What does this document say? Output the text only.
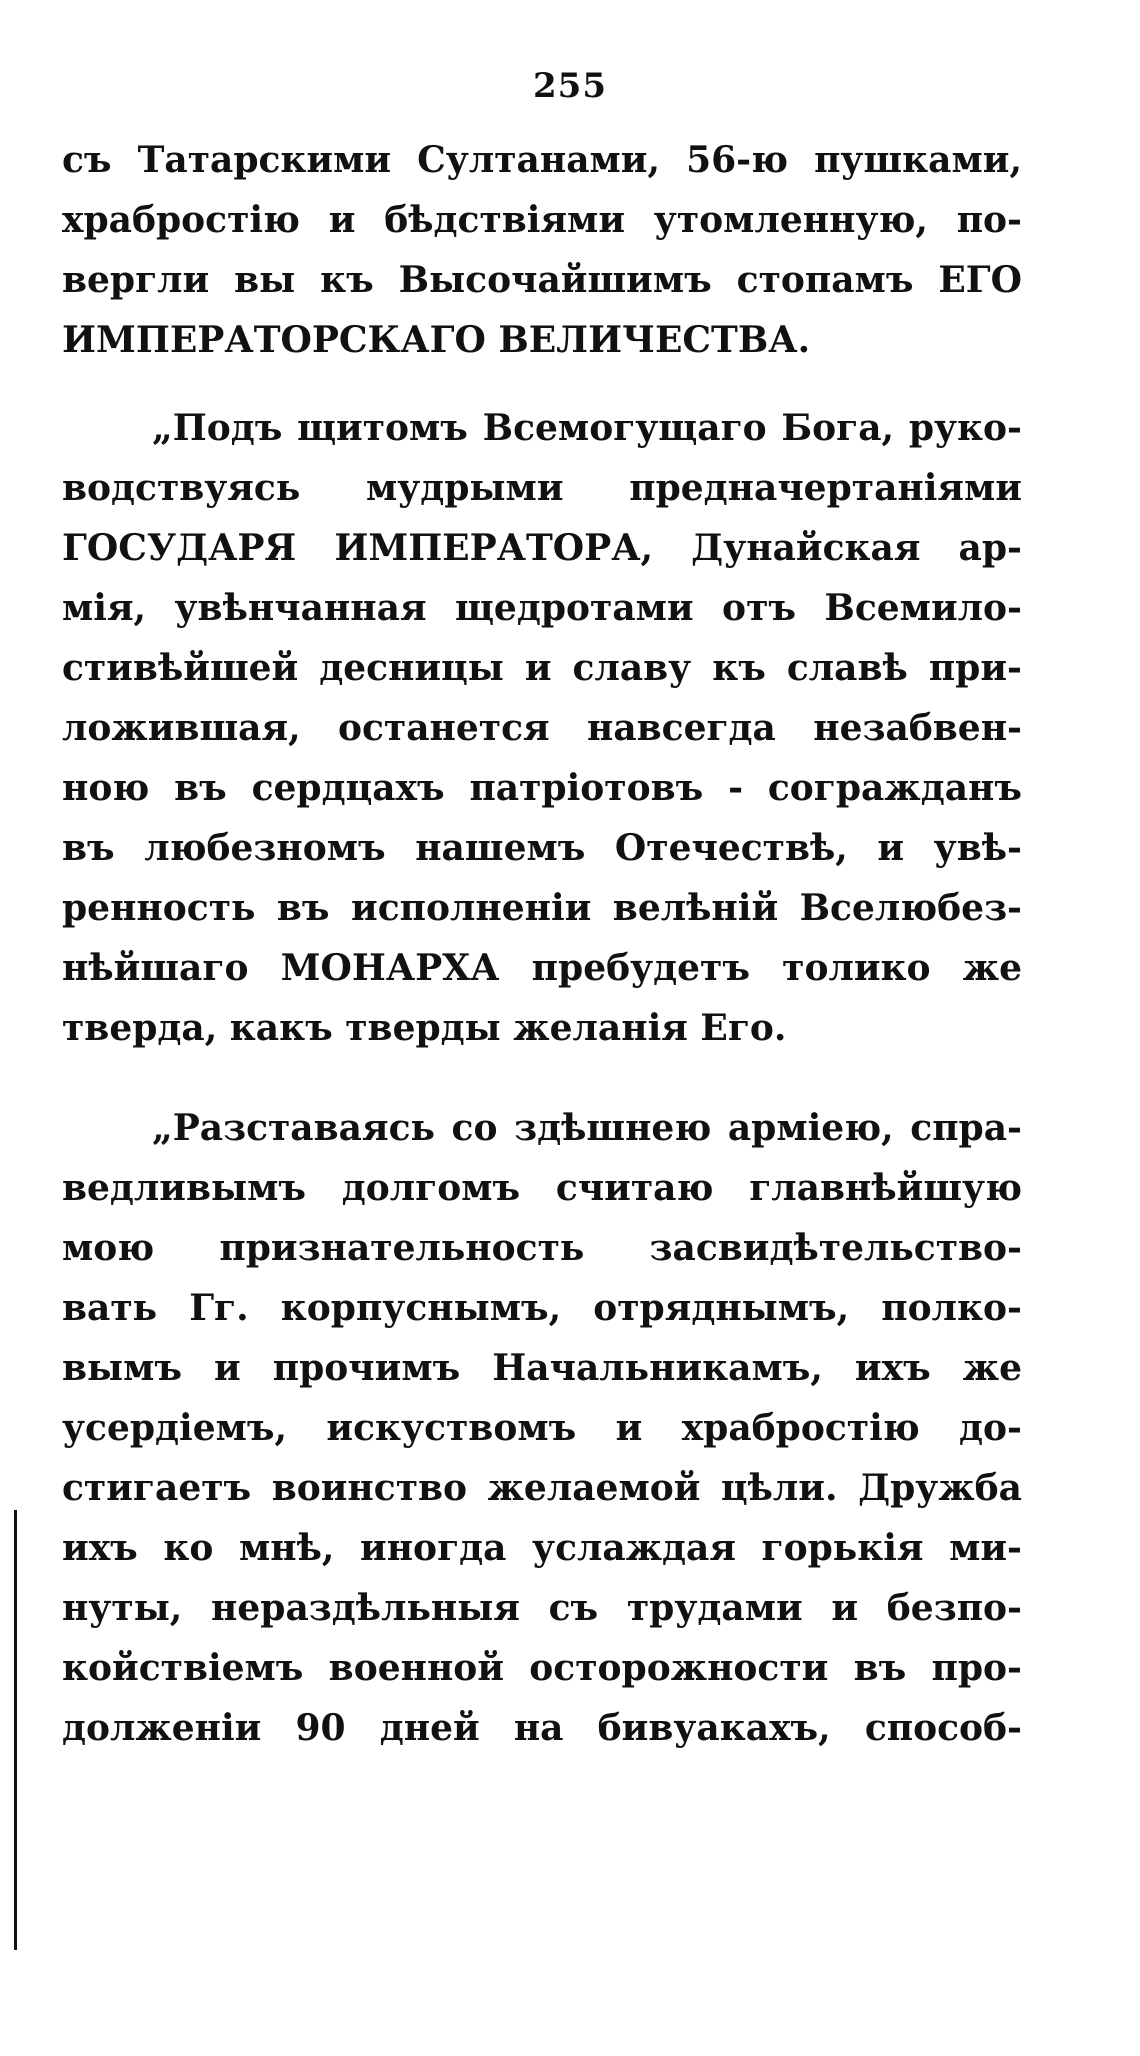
255
съ Татарскими Султанами, 56-ю пушками,
храбростію и бѣдствіями утомленную, по-
вергли вы къ Высочайшимъ стопамъ ЕГО
ИМПЕРАТОРСКАГО ВЕЛИЧЕСТВА.
„Подъ щитомъ Всемогущаго Бога, руко-
водствуясь мудрыми предначертаніями
ГОСУДАРЯ ИМПЕРАТОРА, Дунайская ар-
мія, увѣнчанная щедротами отъ Всемило-
стивѣйшей десницы и славу къ славѣ при-
ложившая, останется навсегда незабвен-
ною въ сердцахъ патріотовъ - согражданъ
въ любезномъ нашемъ Отечествѣ, и увѣ-
ренность въ исполненіи велѣній Вселюбез-
нѣйшаго МОНАРХА пребудетъ толико же
тверда, какъ тверды желанія Его.
„Разставаясь со здѣшнею арміею, спра-
ведливымъ долгомъ считаю главнѣйшую
мою признательность засвидѣтельство-
вать Гг. корпуснымъ, отряднымъ, полко-
вымъ и прочимъ Начальникамъ, ихъ же
усердіемъ, искуствомъ и храбростію до-
стигаетъ воинство желаемой цѣли. Дружба
ихъ ко мнѣ, иногда услаждая горькія ми-
нуты, нераздѣльныя съ трудами и безпо-
койствіемъ военной осторожности въ про-
долженіи 90 дней на бивуакахъ, способ-
